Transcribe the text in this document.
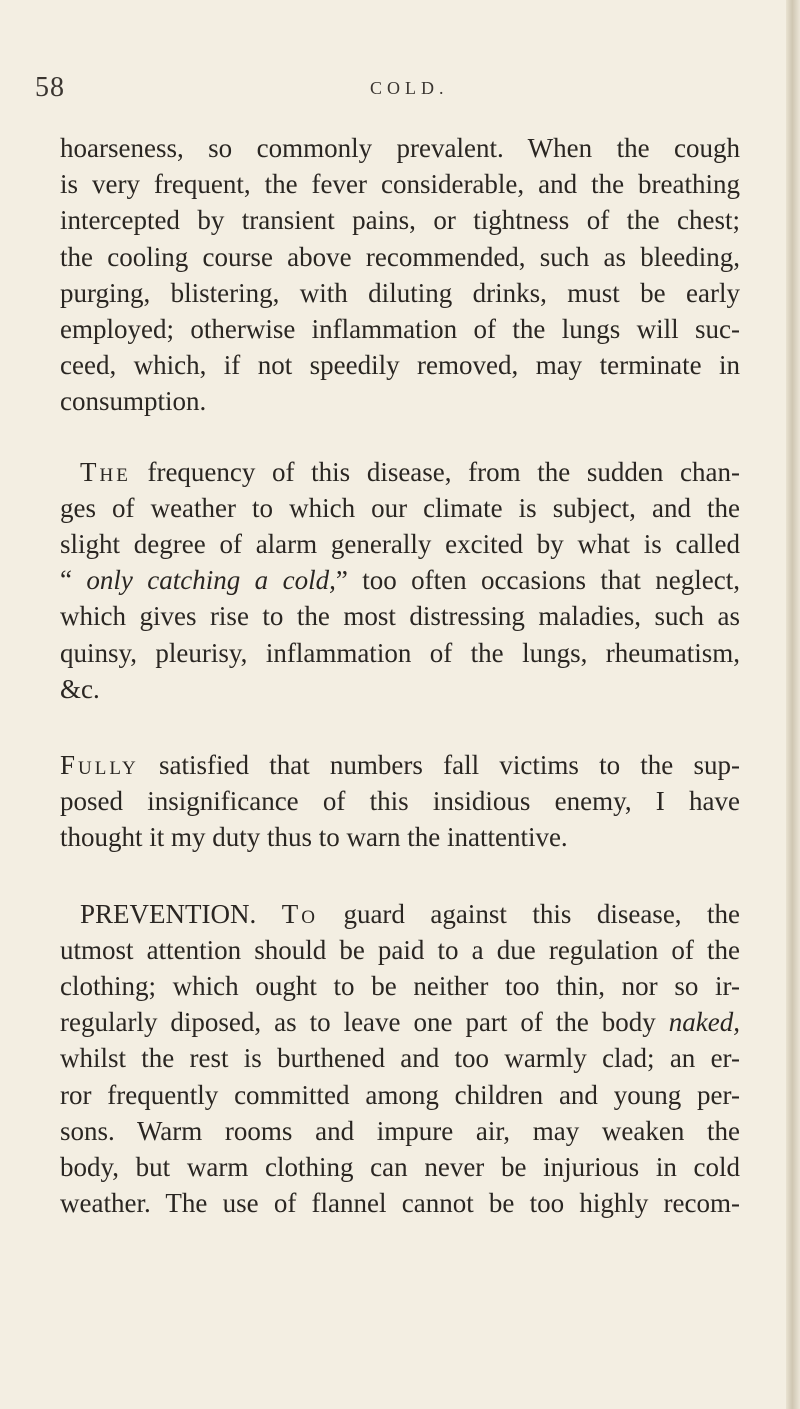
58	COLD.

hoarseness, so commonly prevalent. When the cough
is very frequent, the fever considerable, and the breathing
intercepted by transient pains, or tightness of the chest;
the cooling course above recommended, such as bleeding,
purging, blistering, with diluting drinks, must be early
employed; otherwise inflammation of the lungs will suc-
ceed, which, if not speedily removed, may terminate in
consumption.

The frequency of this disease, from the sudden chan-
ges of weather to which our climate is subject, and the
slight degree of alarm generally excited by what is called
“ only catching a cold,” too often occasions that neglect,
which gives rise to the most distressing maladies, such as
quinsy, pleurisy, inflammation of the lungs, rheumatism,
&c.

Fully satisfied that numbers fall victims to the sup-
posed insignificance of this insidious enemy, I have
thought it my duty thus to warn the inattentive.

PREVENTION. To guard against this disease, the
utmost attention should be paid to a due regulation of the
clothing; which ought to be neither too thin, nor so ir-
regularly diposed, as to leave one part of the body naked,
whilst the rest is burthened and too warmly clad; an er-
ror frequently committed among children and young per-
sons. Warm rooms and impure air, may weaken the
body, but warm clothing can never be injurious in cold
weather. The use of flannel cannot be too highly recom-
